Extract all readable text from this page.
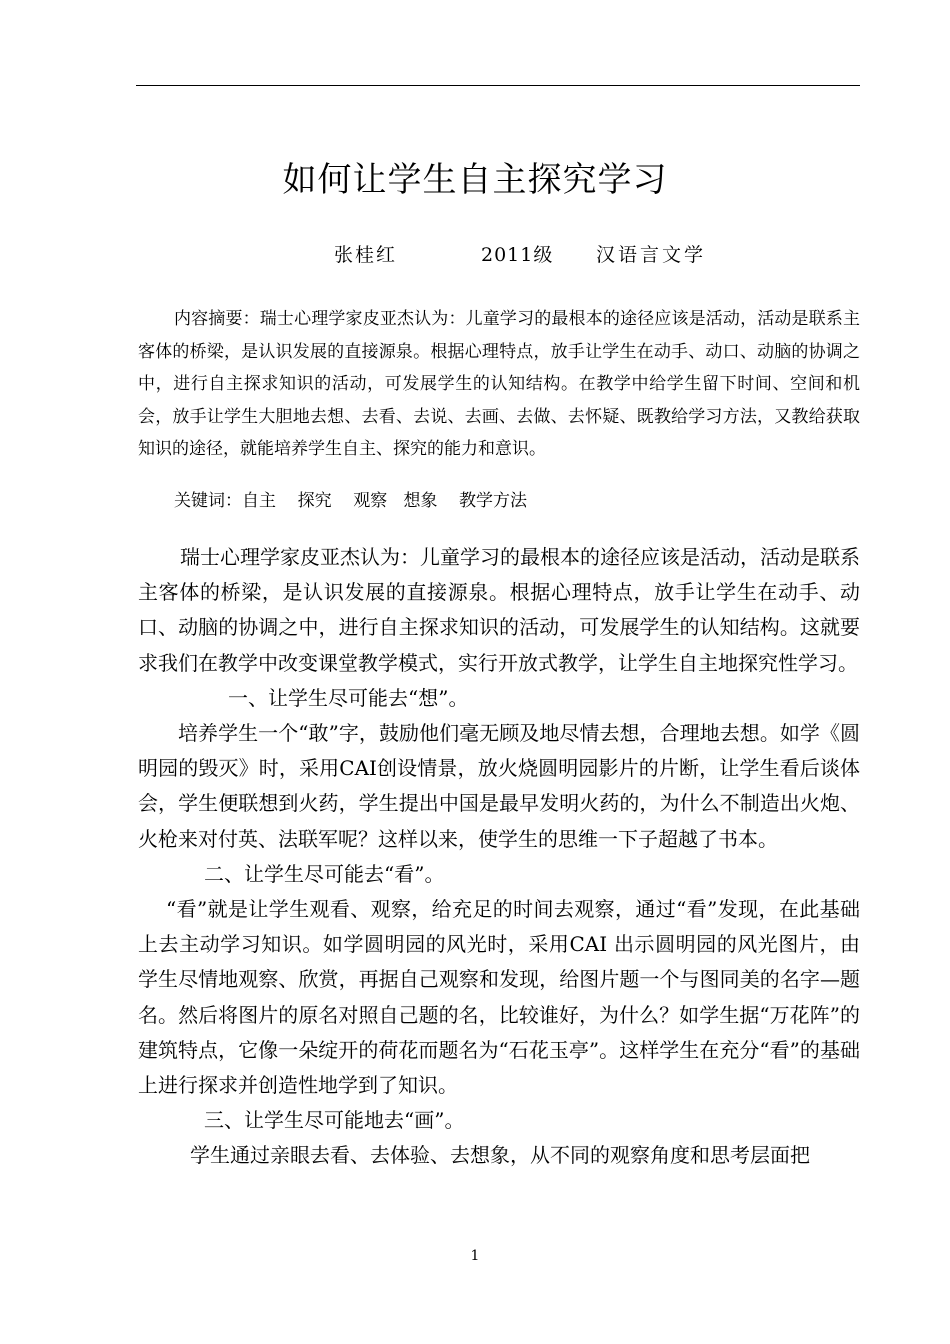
如何让学生自主探究学习
张桂红	2011级 汉语言文学

内容摘要：瑞士心理学家皮亚杰认为：儿童学习的最根本的途径应该是活动，活动是联系主客体的桥梁，是认识发展的直接源泉。根据心理特点，放手让学生在动手、动口、动脑的协调之中，进行自主探求知识的活动，可发展学生的认知结构。在教学中给学生留下时间、空间和机会，放手让学生大胆地去想、去看、去说、去画、去做、去怀疑、既教给学习方法，又教给获取知识的途径，就能培养学生自主、探究的能力和意识。

关键词：自主    探究    观察   想象    教学方法

瑞士心理学家皮亚杰认为：儿童学习的最根本的途径应该是活动，活动是联系主客体的桥梁，是认识发展的直接源泉。根据心理特点，放手让学生在动手、动口、动脑的协调之中，进行自主探求知识的活动，可发展学生的认知结构。这就要求我们在教学中改变课堂教学模式，实行开放式教学，让学生自主地探究性学习。

一、让学生尽可能去“想”。

培养学生一个“敢”字，鼓励他们毫无顾及地尽情去想，合理地去想。如学《圆明园的毁灭》时，采用CAI创设情景，放火烧圆明园影片的片断，让学生看后谈体会，学生便联想到火药，学生提出中国是最早发明火药的，为什么不制造出火炮、火枪来对付英、法联军呢？这样以来，使学生的思维一下子超越了书本。

二、让学生尽可能去“看”。

“看”就是让学生观看、观察，给充足的时间去观察，通过“看”发现，在此基础上去主动学习知识。如学圆明园的风光时，采用CAI 出示圆明园的风光图片，由学生尽情地观察、欣赏，再据自己观察和发现，给图片题一个与图同美的名字—题名。然后将图片的原名对照自己题的名，比较谁好，为什么？如学生据“万花阵”的建筑特点，它像一朵绽开的荷花而题名为“石花玉亭”。这样学生在充分“看”的基础上进行探求并创造性地学到了知识。

三、让学生尽可能地去“画”。

学生通过亲眼去看、去体验、去想象，从不同的观察角度和思考层面把

1
